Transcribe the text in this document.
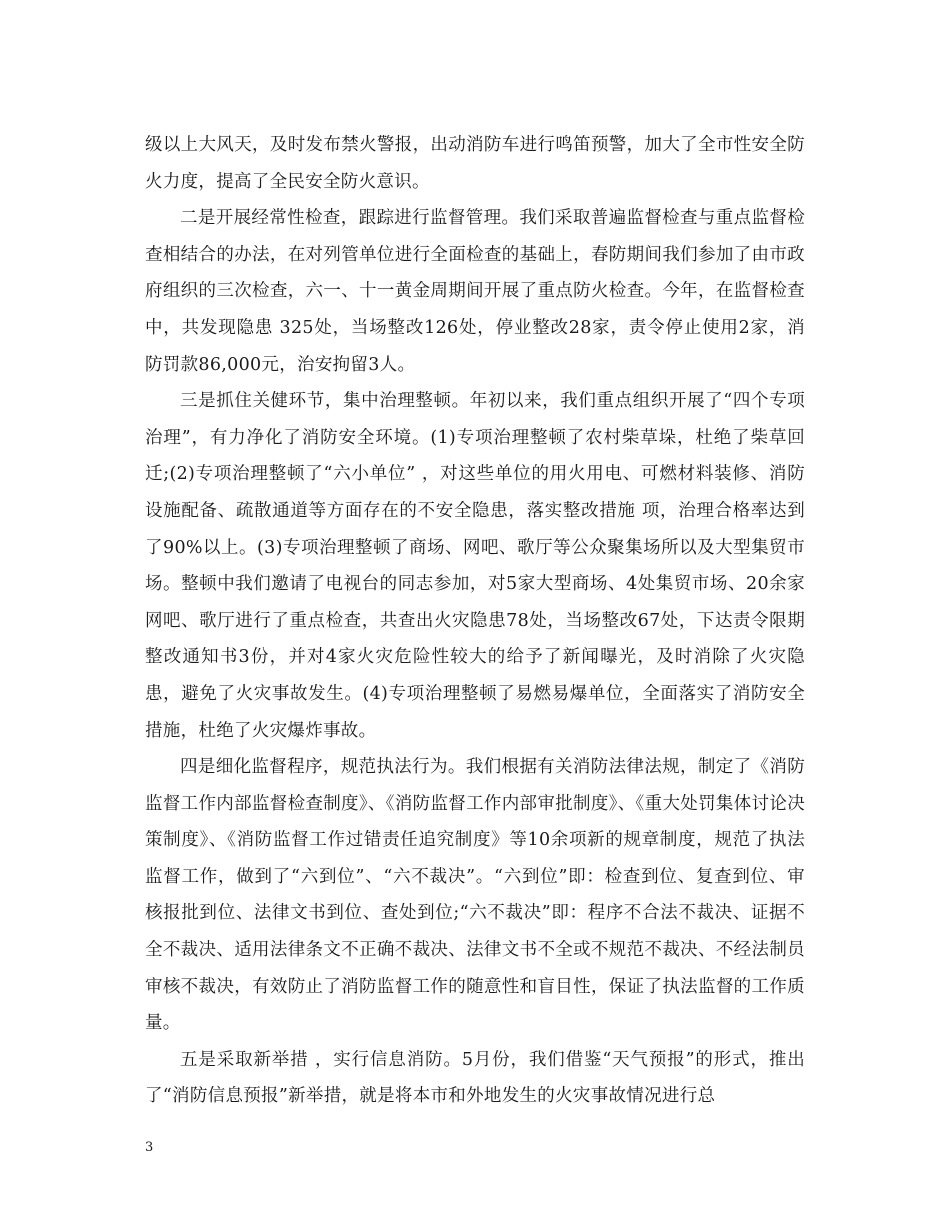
级以上大风天，及时发布禁火警报，出动消防车进行鸣笛预警，加大了全市性安全防火力度，提高了全民安全防火意识。

二是开展经常性检查，跟踪进行监督管理。我们采取普遍监督检查与重点监督检查相结合的办法，在对列管单位进行全面检查的基础上，春防期间我们参加了由市政府组织的三次检查，六一、十一黄金周期间开展了重点防火检查。今年，在监督检查中，共发现隐患 325处，当场整改126处，停业整改28家，责令停止使用2家，消防罚款86,000元，治安拘留3人。

三是抓住关健环节，集中治理整顿。年初以来，我们重点组织开展了“四个专项治理”，有力净化了消防安全环境。(1)专项治理整顿了农村柴草垛，杜绝了柴草回迁;(2)专项治理整顿了“六小单位” ，对这些单位的用火用电、可燃材料装修、消防设施配备、疏散通道等方面存在的不安全隐患，落实整改措施 项，治理合格率达到了90%以上。(3)专项治理整顿了商场、网吧、歌厅等公众聚集场所以及大型集贸市场。整顿中我们邀请了电视台的同志参加，对5家大型商场、4处集贸市场、20余家网吧、歌厅进行了重点检查，共查出火灾隐患78处，当场整改67处，下达责令限期整改通知书3份，并对4家火灾危险性较大的给予了新闻曝光，及时消除了火灾隐患，避免了火灾事故发生。(4)专项治理整顿了易燃易爆单位，全面落实了消防安全措施，杜绝了火灾爆炸事故。

四是细化监督程序，规范执法行为。我们根据有关消防法律法规，制定了《消防监督工作内部监督检查制度》、《消防监督工作内部审批制度》、《重大处罚集体讨论决策制度》、《消防监督工作过错责任追究制度》等10余项新的规章制度，规范了执法监督工作，做到了“六到位”、“六不裁决”。“六到位”即：检查到位、复查到位、审核报批到位、法律文书到位、查处到位;“六不裁决”即：程序不合法不裁决、证据不全不裁决、适用法律条文不正确不裁决、法律文书不全或不规范不裁决、不经法制员审核不裁决，有效防止了消防监督工作的随意性和盲目性，保证了执法监督的工作质量。

五是采取新举措 ，实行信息消防。5月份，我们借鉴“天气预报”的形式，推出了“消防信息预报”新举措，就是将本市和外地发生的火灾事故情况进行总

3
